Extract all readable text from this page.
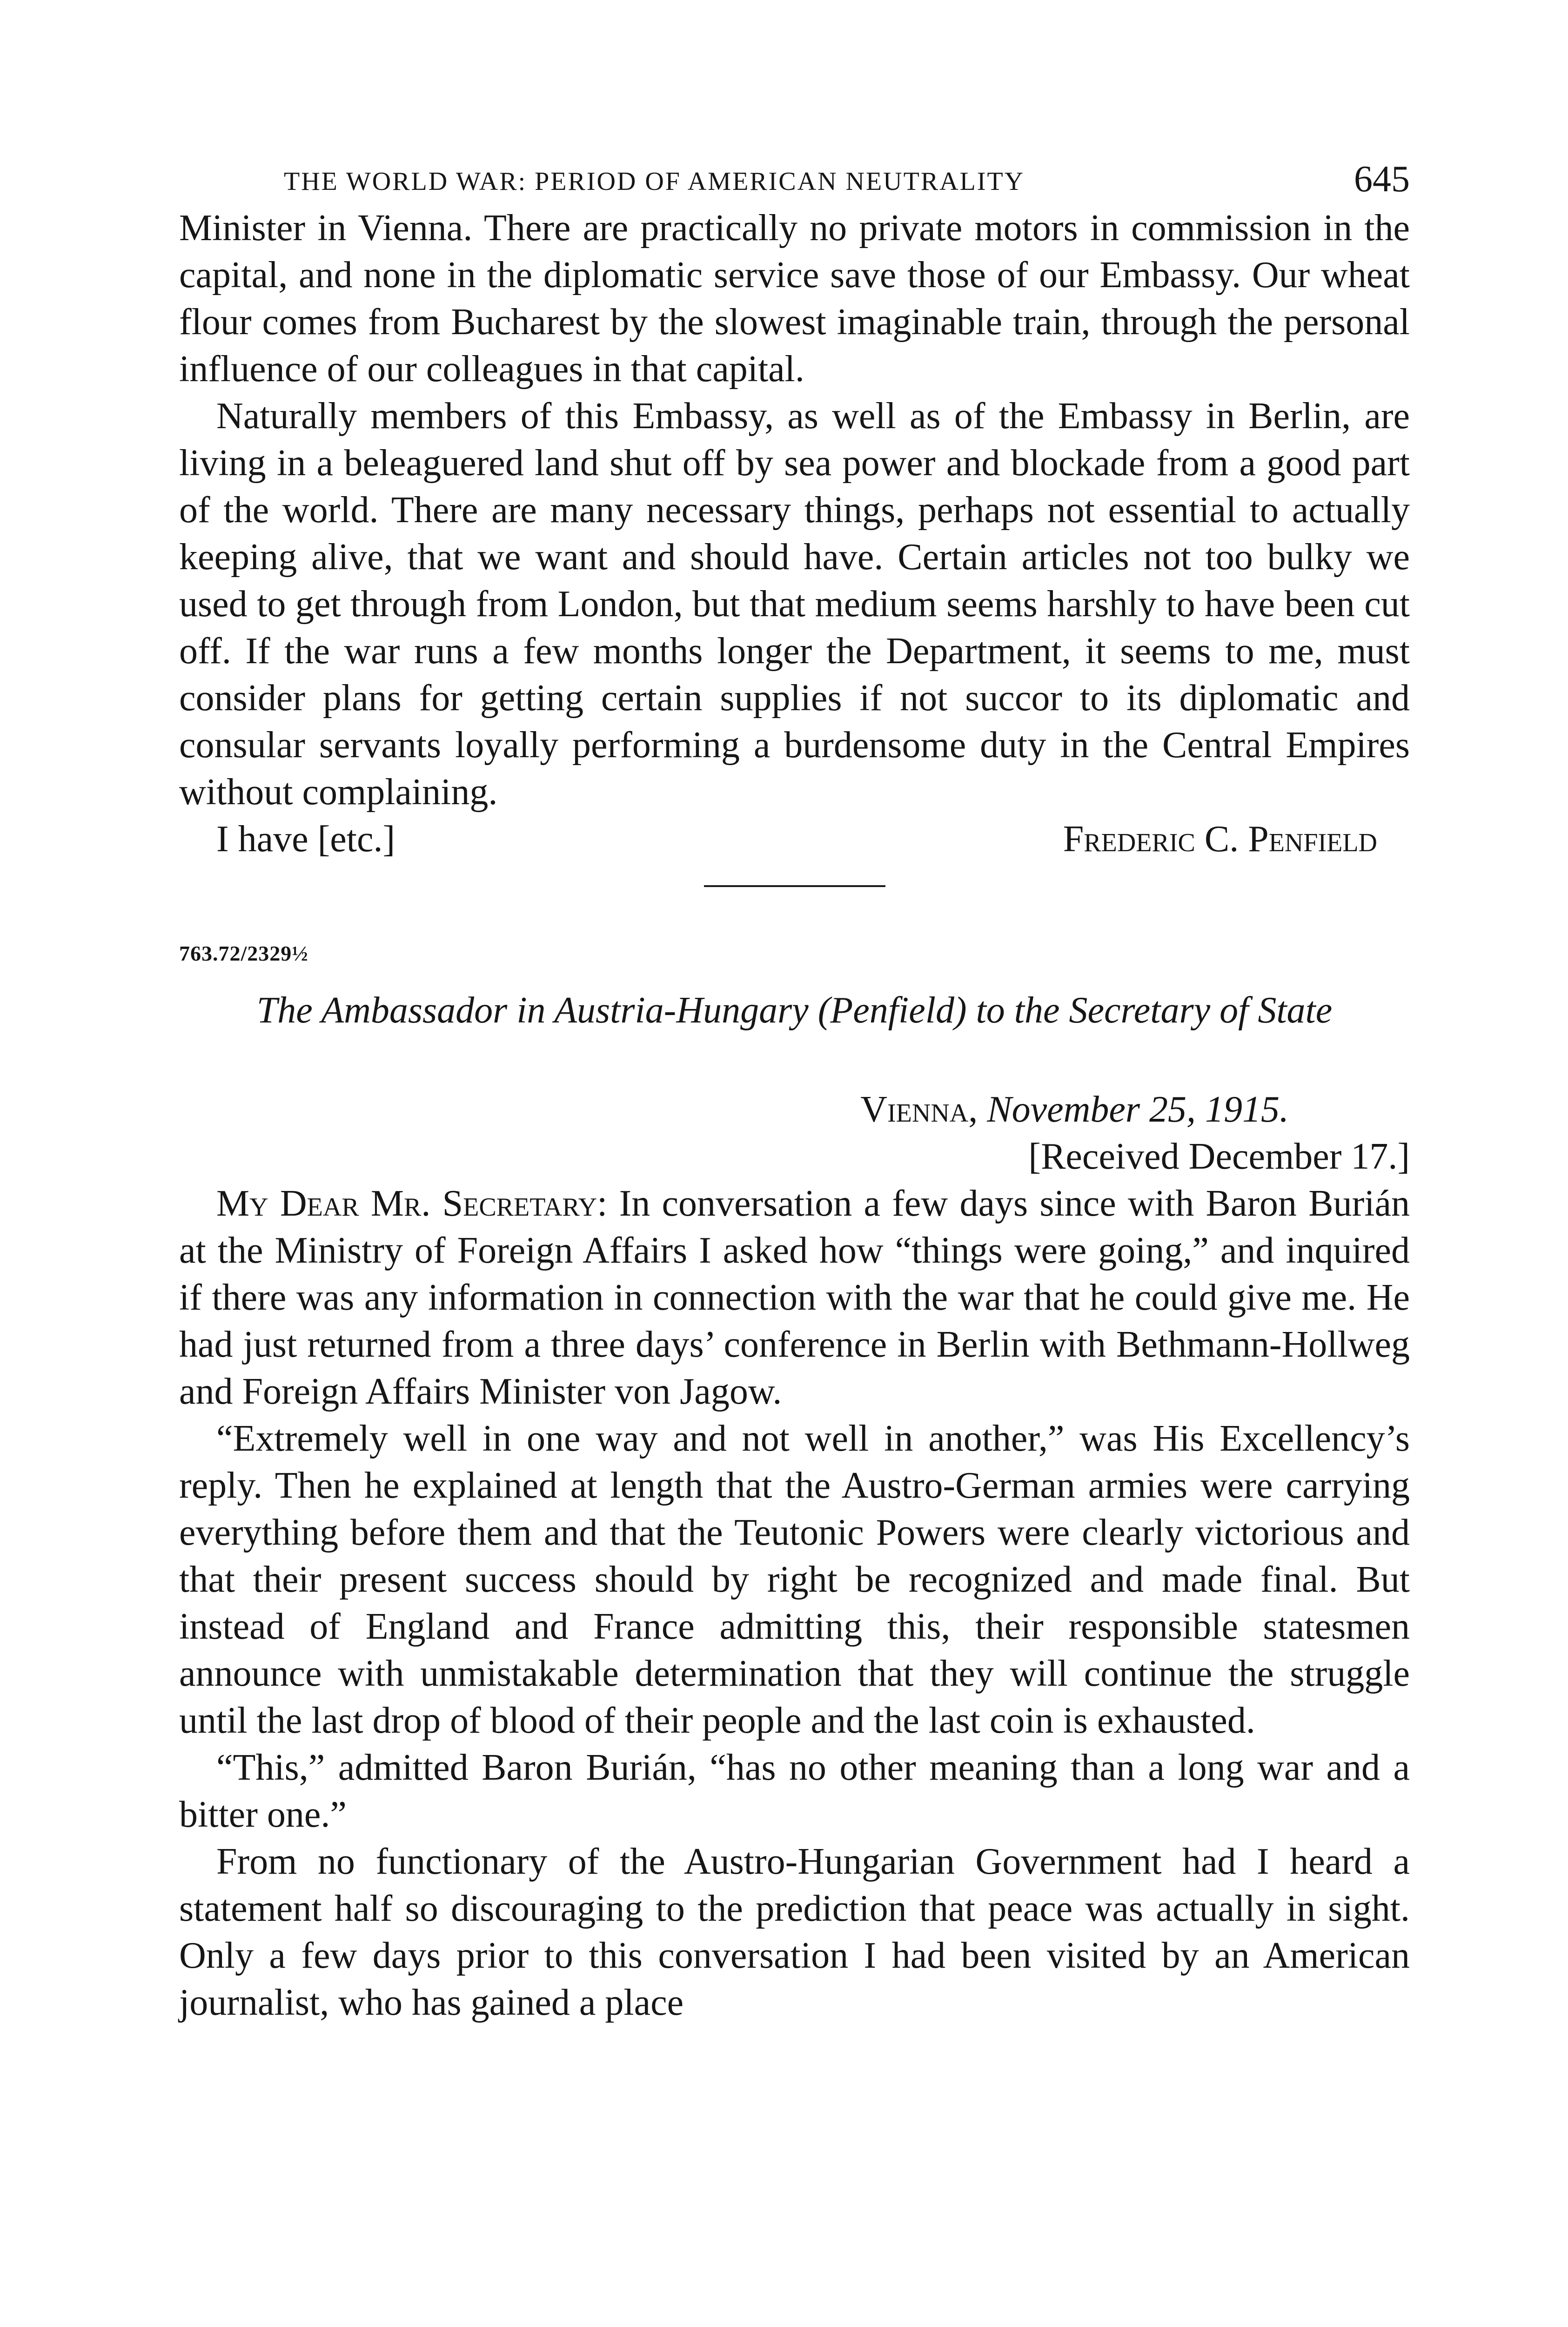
THE WORLD WAR: PERIOD OF AMERICAN NEUTRALITY	645

Minister in Vienna. There are practically no private motors in commission in the capital, and none in the diplomatic service save those of our Embassy. Our wheat flour comes from Bucharest by the slowest imaginable train, through the personal influence of our colleagues in that capital.

Naturally members of this Embassy, as well as of the Embassy in Berlin, are living in a beleaguered land shut off by sea power and blockade from a good part of the world. There are many necessary things, perhaps not essential to actually keeping alive, that we want and should have. Certain articles not too bulky we used to get through from London, but that medium seems harshly to have been cut off. If the war runs a few months longer the Department, it seems to me, must consider plans for getting certain supplies if not succor to its diplomatic and consular servants loyally performing a burdensome duty in the Central Empires without complaining.

I have [etc.]	Frederic C. Penfield
763.72/2329½
The Ambassador in Austria-Hungary (Penfield) to the Secretary of State
Vienna, November 25, 1915.
[Received December 17.]

My Dear Mr. Secretary: In conversation a few days since with Baron Burián at the Ministry of Foreign Affairs I asked how “things were going,” and inquired if there was any information in connection with the war that he could give me. He had just returned from a three days’ conference in Berlin with Bethmann-Hollweg and Foreign Affairs Minister von Jagow.

“Extremely well in one way and not well in another,” was His Excellency’s reply. Then he explained at length that the Austro-German armies were carrying everything before them and that the Teutonic Powers were clearly victorious and that their present success should by right be recognized and made final. But instead of England and France admitting this, their responsible statesmen announce with unmistakable determination that they will continue the struggle until the last drop of blood of their people and the last coin is exhausted.

“This,” admitted Baron Burián, “has no other meaning than a long war and a bitter one.”

From no functionary of the Austro-Hungarian Government had I heard a statement half so discouraging to the prediction that peace was actually in sight. Only a few days prior to this conversation I had been visited by an American journalist, who has gained a place
